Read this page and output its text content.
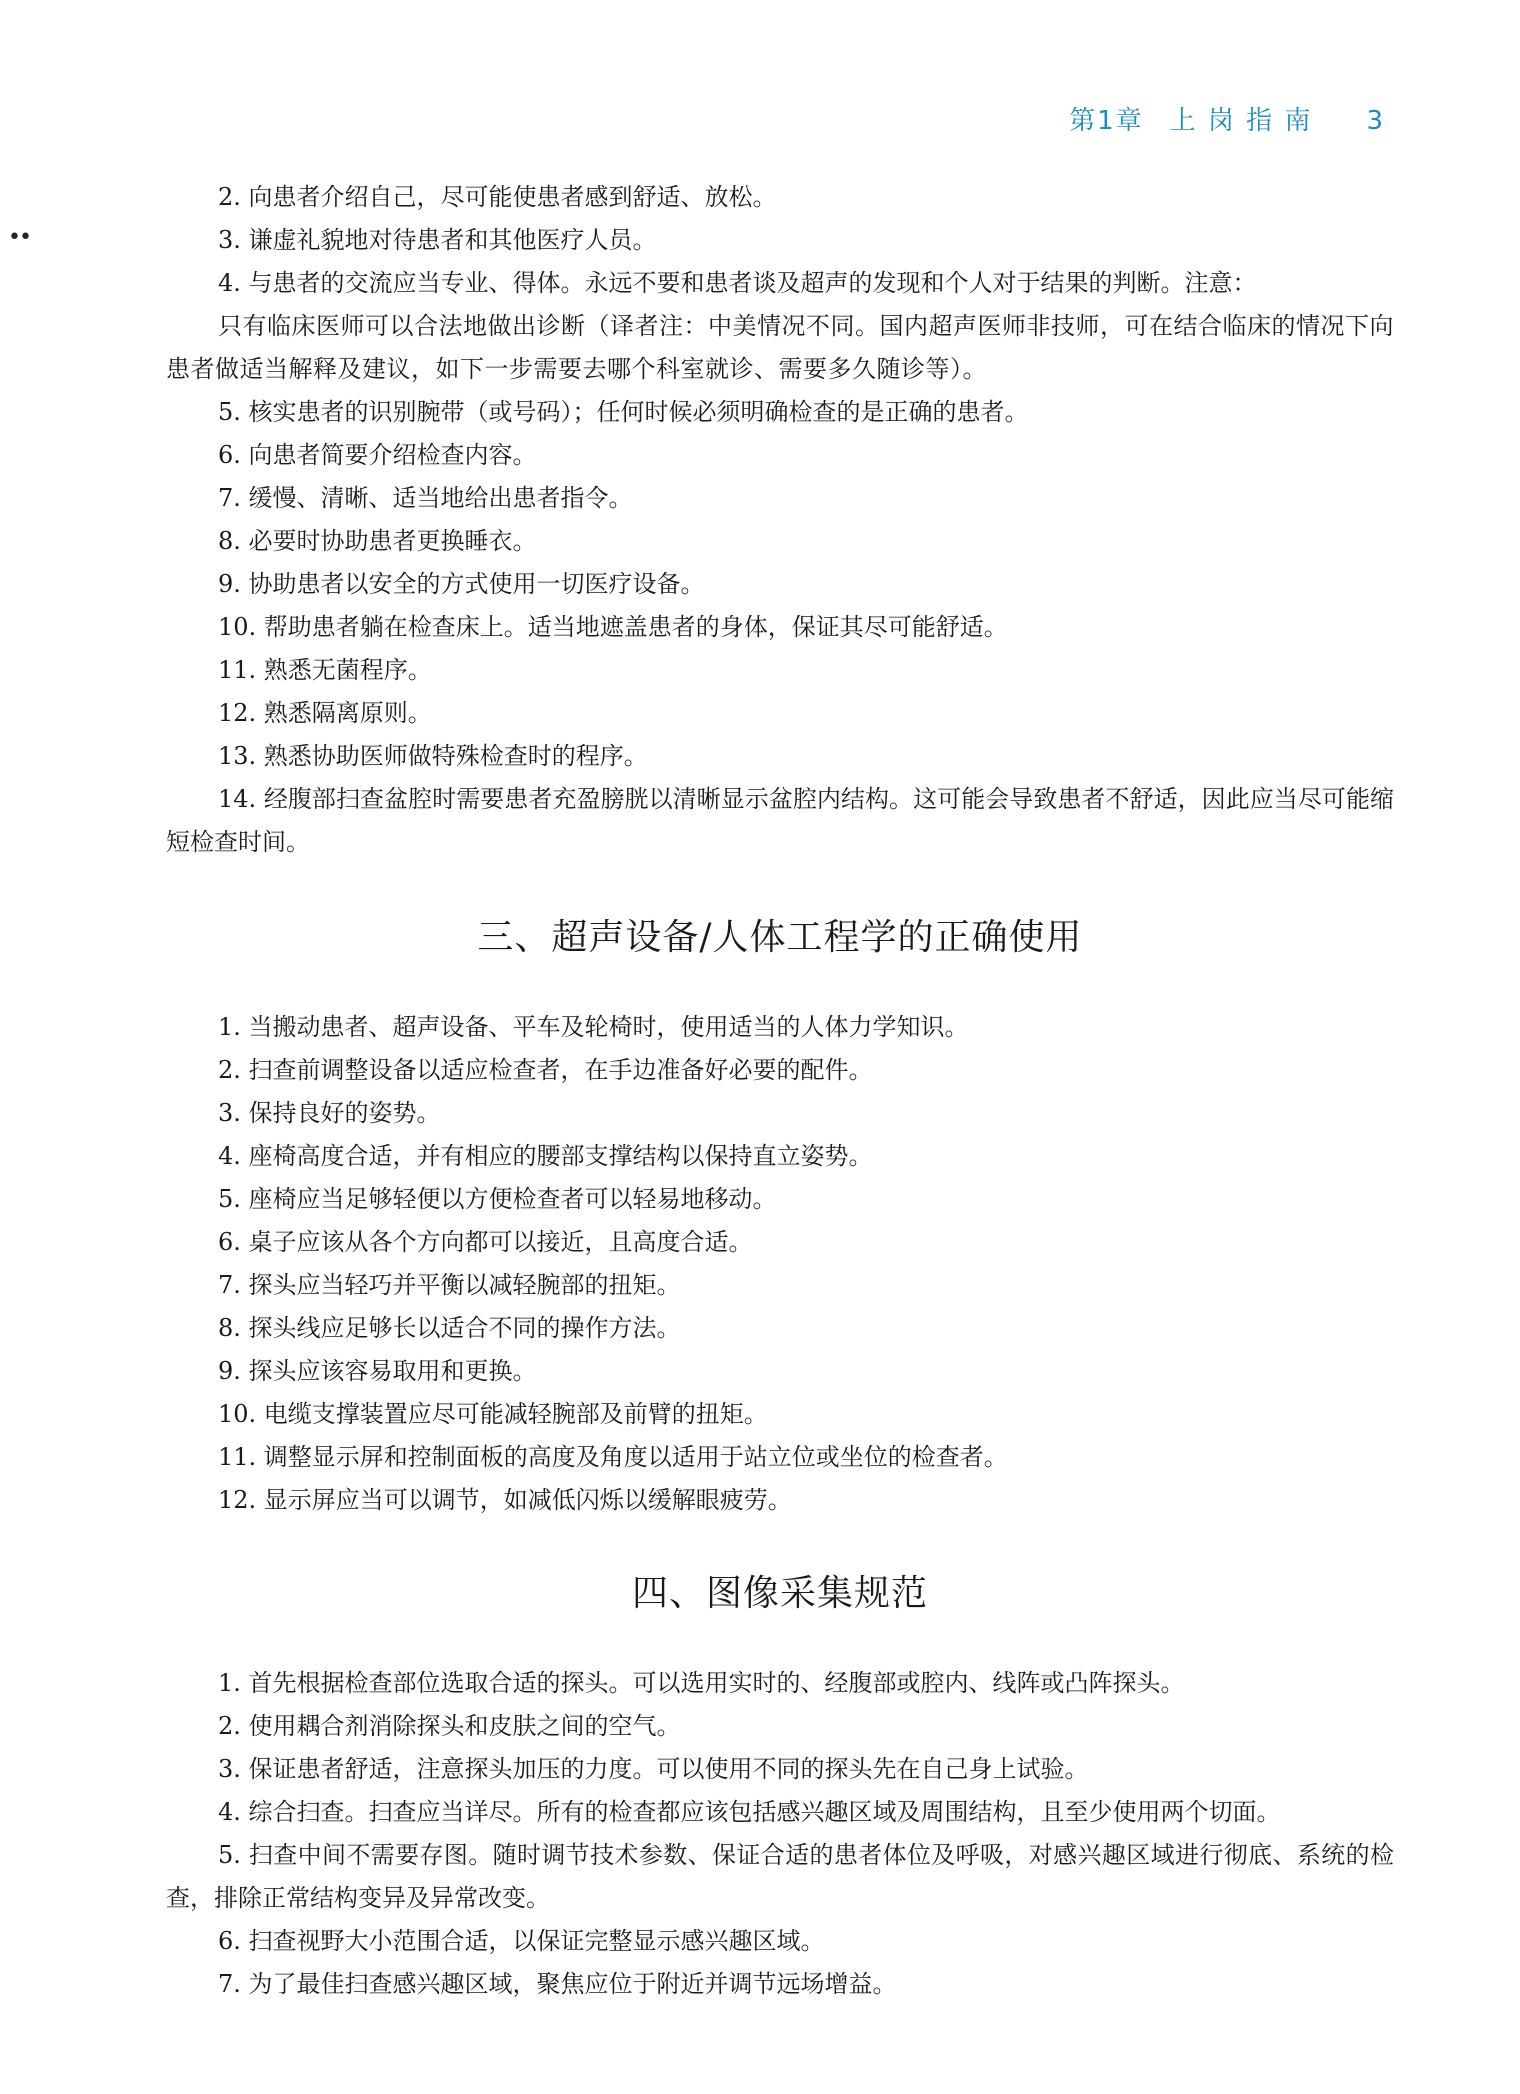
第1章 上 岗 指 南 3
••

2. 向患者介绍自己，尽可能使患者感到舒适、放松。

3. 谦虚礼貌地对待患者和其他医疗人员。

4. 与患者的交流应当专业、得体。永远不要和患者谈及超声的发现和个人对于结果的判断。注意：

只有临床医师可以合法地做出诊断（译者注：中美情况不同。国内超声医师非技师，可在结合临床的情况下向患者做适当解释及建议，如下一步需要去哪个科室就诊、需要多久随诊等）。

5. 核实患者的识别腕带（或号码）；任何时候必须明确检查的是正确的患者。

6. 向患者简要介绍检查内容。

7. 缓慢、清晰、适当地给出患者指令。

8. 必要时协助患者更换睡衣。

9. 协助患者以安全的方式使用一切医疗设备。

10. 帮助患者躺在检查床上。适当地遮盖患者的身体，保证其尽可能舒适。

11. 熟悉无菌程序。

12. 熟悉隔离原则。

13. 熟悉协助医师做特殊检查时的程序。

14. 经腹部扫查盆腔时需要患者充盈膀胱以清晰显示盆腔内结构。这可能会导致患者不舒适，因此应当尽可能缩短检查时间。

三、超声设备/人体工程学的正确使用

1. 当搬动患者、超声设备、平车及轮椅时，使用适当的人体力学知识。

2. 扫查前调整设备以适应检查者，在手边准备好必要的配件。

3. 保持良好的姿势。

4. 座椅高度合适，并有相应的腰部支撑结构以保持直立姿势。

5. 座椅应当足够轻便以方便检查者可以轻易地移动。

6. 桌子应该从各个方向都可以接近，且高度合适。

7. 探头应当轻巧并平衡以减轻腕部的扭矩。

8. 探头线应足够长以适合不同的操作方法。

9. 探头应该容易取用和更换。

10. 电缆支撑装置应尽可能减轻腕部及前臂的扭矩。

11. 调整显示屏和控制面板的高度及角度以适用于站立位或坐位的检查者。

12. 显示屏应当可以调节，如减低闪烁以缓解眼疲劳。

四、图像采集规范

1. 首先根据检查部位选取合适的探头。可以选用实时的、经腹部或腔内、线阵或凸阵探头。

2. 使用耦合剂消除探头和皮肤之间的空气。

3. 保证患者舒适，注意探头加压的力度。可以使用不同的探头先在自己身上试验。

4. 综合扫查。扫查应当详尽。所有的检查都应该包括感兴趣区域及周围结构，且至少使用两个切面。

5. 扫查中间不需要存图。随时调节技术参数、保证合适的患者体位及呼吸，对感兴趣区域进行彻底、系统的检查，排除正常结构变异及异常改变。

6. 扫查视野大小范围合适，以保证完整显示感兴趣区域。

7. 为了最佳扫查感兴趣区域，聚焦应位于附近并调节远场增益。
